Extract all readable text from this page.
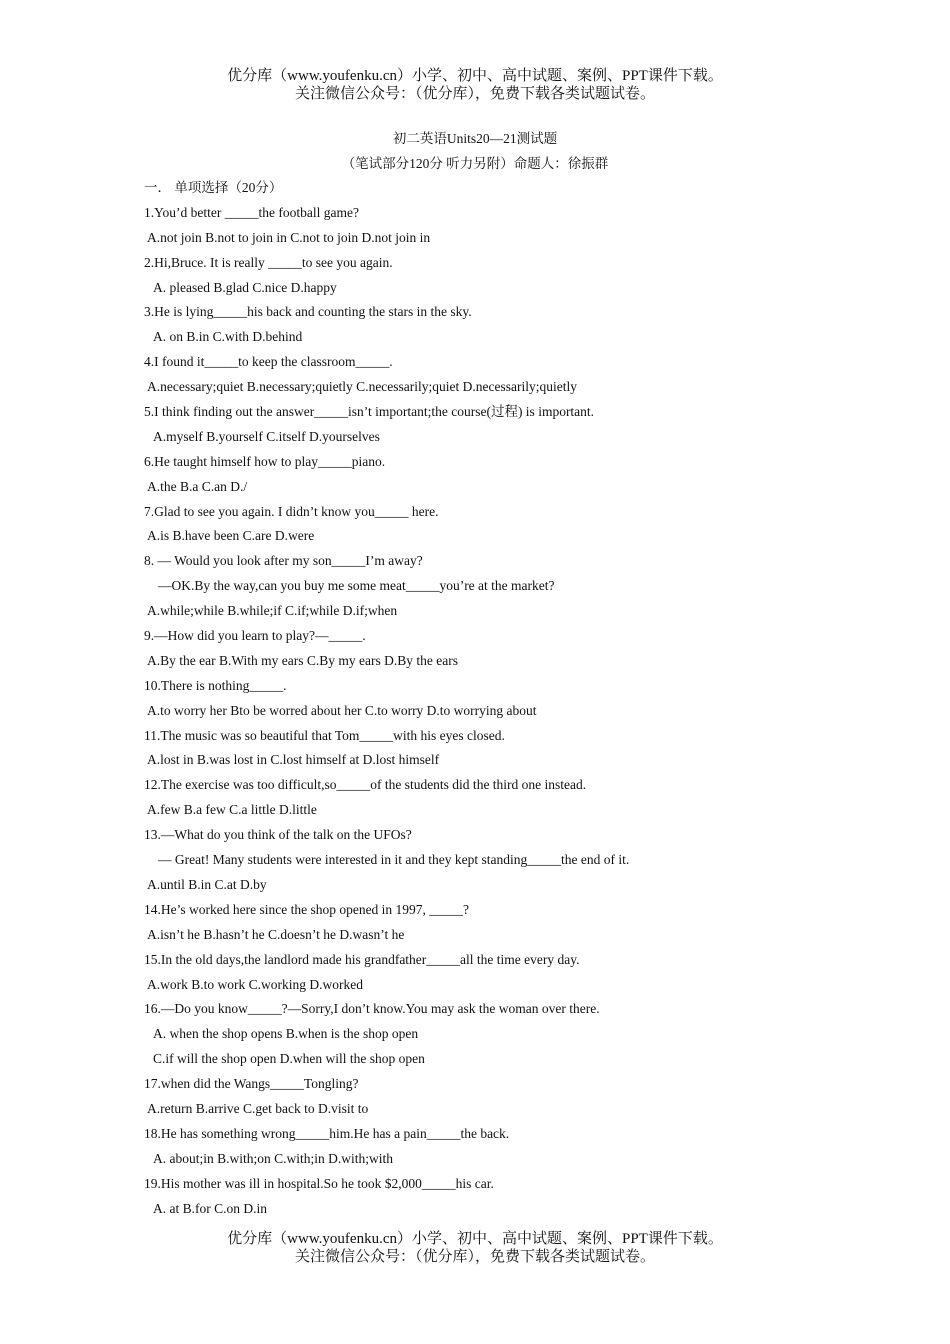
优分库（www.youfenku.cn）小学、初中、高中试题、案例、PPT课件下载。
关注微信公众号：（优分库），免费下载各类试题试卷。
初二英语Units20—21测试题
（笔试部分120分 听力另附）命题人：徐振群
一． 单项选择（20分）
1.You’d better _____the football game?
A.not join B.not to join in C.not to join D.not join in
2.Hi,Bruce. It is really _____to see you again.
A. pleased B.glad C.nice D.happy
3.He is lying_____his back and counting the stars in the sky.
A. on B.in C.with D.behind
4.I found it_____to keep the classroom_____.
A.necessary;quiet B.necessary;quietly C.necessarily;quiet D.necessarily;quietly
5.I think finding out the answer_____isn’t important;the course(过程) is important.
A.myself B.yourself C.itself D.yourselves
6.He taught himself how to play_____piano.
A.the B.a C.an D./
7.Glad to see you again. I didn’t know you_____ here.
A.is B.have been C.are D.were
8. — Would you look after my son_____I’m away?
—OK.By the way,can you buy me some meat_____you’re at the market?
A.while;while B.while;if C.if;while D.if;when
9.—How did you learn to play?—_____.
A.By the ear B.With my ears C.By my ears D.By the ears
10.There is nothing_____.
A.to worry her Bto be worred about her C.to worry D.to worrying about
11.The music was so beautiful that Tom_____with his eyes closed.
A.lost in B.was lost in C.lost himself at D.lost himself
12.The exercise was too difficult,so_____of the students did the third one instead.
A.few B.a few C.a little D.little
13.—What do you think of the talk on the UFOs?
— Great! Many students were interested in it and they kept standing_____the end of it.
A.until B.in C.at D.by
14.He’s worked here since the shop opened in 1997, _____?
A.isn’t he B.hasn’t he C.doesn’t he D.wasn’t he
15.In the old days,the landlord made his grandfather_____all the time every day.
A.work B.to work C.working D.worked
16.—Do you know_____?—Sorry,I don’t know.You may ask the woman over there.
A. when the shop opens B.when is the shop open
C.if will the shop open D.when will the shop open
17.when did the Wangs_____Tongling?
A.return B.arrive C.get back to D.visit to
18.He has something wrong_____him.He has a pain_____the back.
A. about;in B.with;on C.with;in D.with;with
19.His mother was ill in hospital.So he took $2,000_____his car.
A. at B.for C.on D.in
优分库（www.youfenku.cn）小学、初中、高中试题、案例、PPT课件下载。
关注微信公众号：（优分库），免费下载各类试题试卷。
